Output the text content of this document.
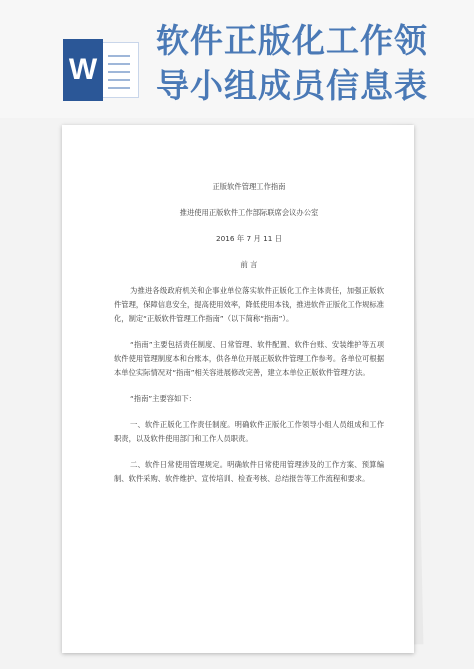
W
软件正版化工作领
导小组成员信息表
正版软件管理工作指南
推进使用正版软件工作部际联席会议办公室
2016 年 7 月 11 日
前 言

为推进各级政府机关和企事业单位落实软件正版化工作主体责任，加强正版软件管理，保障信息安全，提高使用效率，降低使用本钱，推进软件正版化工作规标准化，制定“正版软件管理工作指南”（以下简称“指南”）。

“指南”主要包括责任制度、日常管理、软件配置、软件台账、安装维护等五项软件使用管理制度本和台账本，供各单位开展正版软件管理工作参考。各单位可根据本单位实际情况对“指南”相关容进展修改完善，建立本单位正版软件管理方法。

“指南”主要容如下：

一、软件正版化工作责任制度。明确软件正版化工作领导小组人员组成和工作职责，以及软件使用部门和工作人员职责。

二、软件日常使用管理规定。明确软件日常使用管理涉及的工作方案、预算编制、软件采购、软件维护、宣传培训、检查考核、总结报告等工作流程和要求。
